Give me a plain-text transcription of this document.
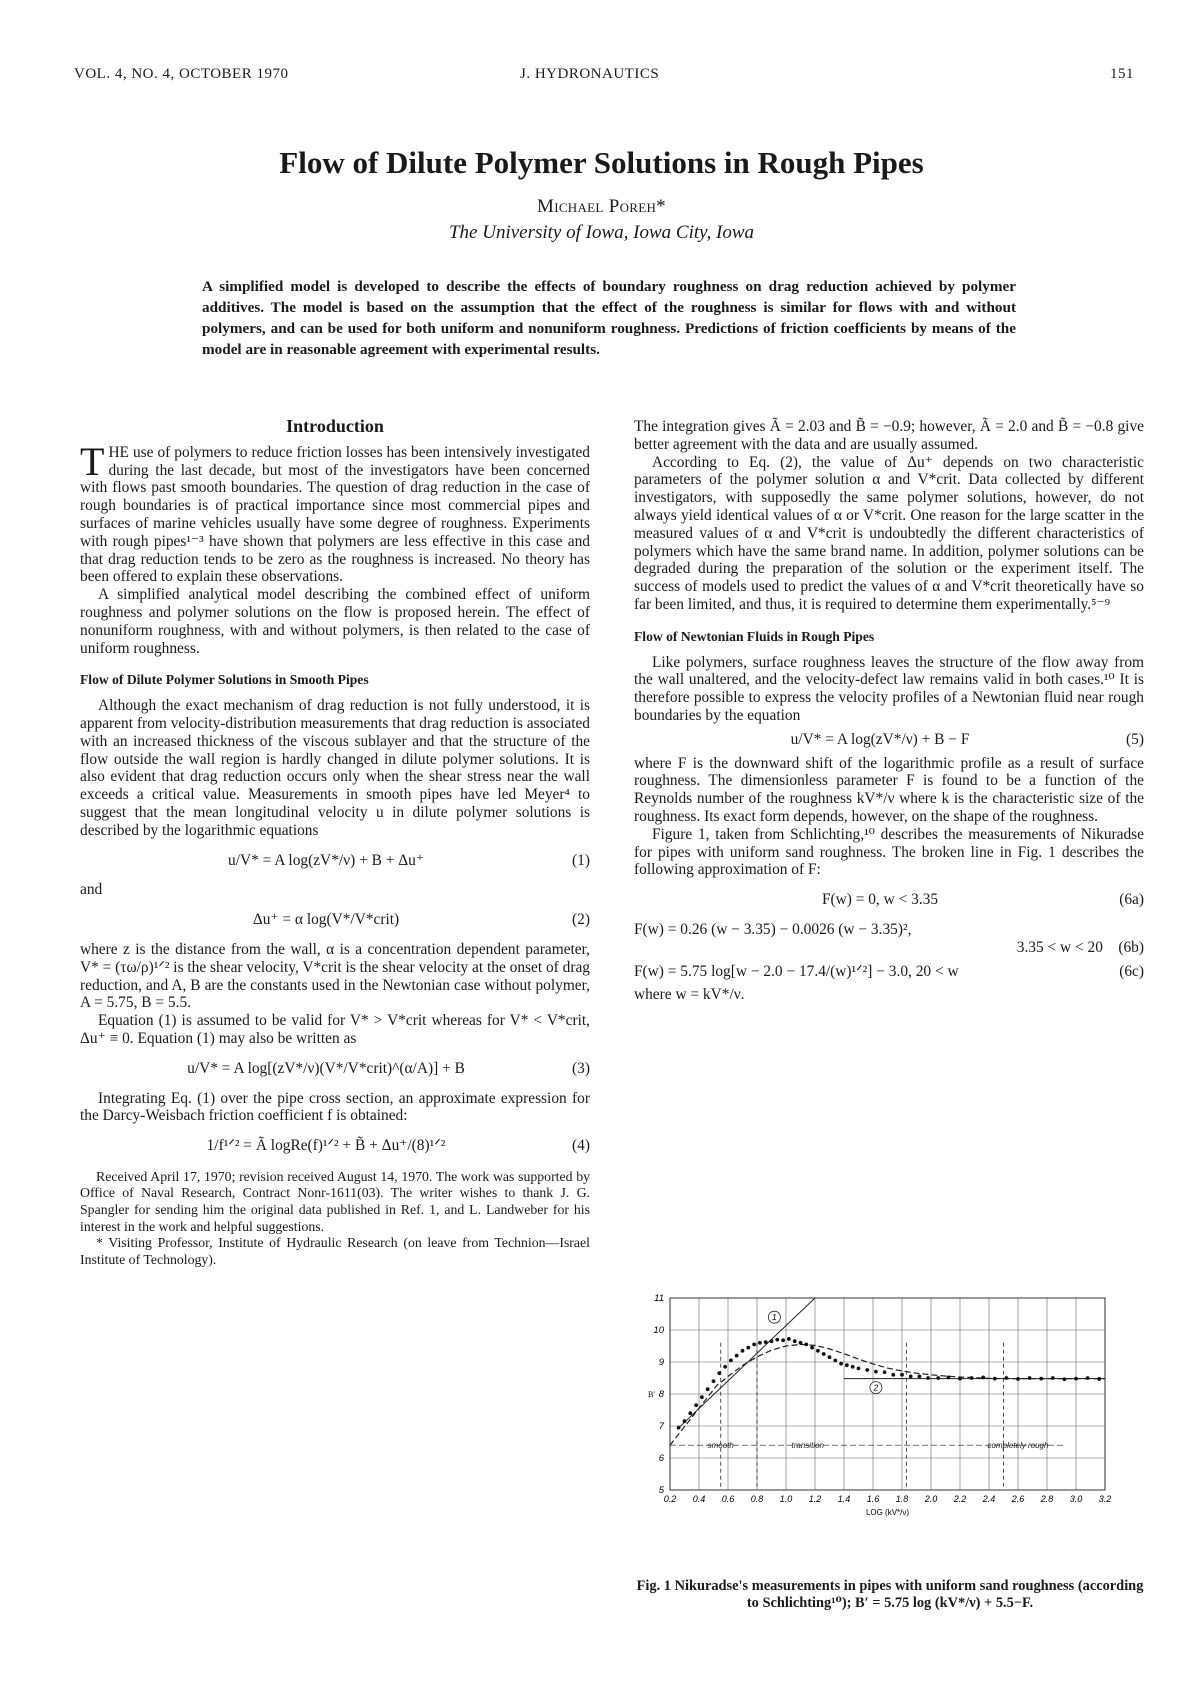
VOL. 4, NO. 4, OCTOBER 1970	J. HYDRONAUTICS	151
Flow of Dilute Polymer Solutions in Rough Pipes
Michael Poreh*
The University of Iowa, Iowa City, Iowa
A simplified model is developed to describe the effects of boundary roughness on drag reduction achieved by polymer additives. The model is based on the assumption that the effect of the roughness is similar for flows with and without polymers, and can be used for both uniform and nonuniform roughness. Predictions of friction coefficients by means of the model are in reasonable agreement with experimental results.
Introduction

THE use of polymers to reduce friction losses has been intensively investigated during the last decade, but most of the investigators have been concerned with flows past smooth boundaries. The question of drag reduction in the case of rough boundaries is of practical importance since most commercial pipes and surfaces of marine vehicles usually have some degree of roughness. Experiments with rough pipes¹⁻³ have shown that polymers are less effective in this case and that drag reduction tends to be zero as the roughness is increased. No theory has been offered to explain these observations.

A simplified analytical model describing the combined effect of uniform roughness and polymer solutions on the flow is proposed herein. The effect of nonuniform roughness, with and without polymers, is then related to the case of uniform roughness.

Flow of Dilute Polymer Solutions in Smooth Pipes

Although the exact mechanism of drag reduction is not fully understood, it is apparent from velocity-distribution measurements that drag reduction is associated with an increased thickness of the viscous sublayer and that the structure of the flow outside the wall region is hardly changed in dilute polymer solutions. It is also evident that drag reduction occurs only when the shear stress near the wall exceeds a critical value. Measurements in smooth pipes have led Meyer⁴ to suggest that the mean longitudinal velocity u in dilute polymer solutions is described by the logarithmic equations

u/V* = A log(zV*/ν) + B + Δu⁺	(1)

and

Δu⁺ = α log(V*/V*crit)	(2)

where z is the distance from the wall, α is a concentration dependent parameter, V* = (τω/ρ)¹ᐟ² is the shear velocity, V*crit is the shear velocity at the onset of drag reduction, and A, B are the constants used in the Newtonian case without polymer, A = 5.75, B = 5.5.

Equation (1) is assumed to be valid for V* > V*crit whereas for V* < V*crit, Δu⁺ ≡ 0. Equation (1) may also be written as

u/V* = A log[(zV*/ν)(V*/V*crit)^(α/A)] + B	(3)

Integrating Eq. (1) over the pipe cross section, an approximate expression for the Darcy-Weisbach friction coefficient f is obtained:

1/f¹ᐟ² = Ã logRe(f)¹ᐟ² + B̃ + Δu⁺/(8)¹ᐟ²	(4)

Received April 17, 1970; revision received August 14, 1970. The work was supported by Office of Naval Research, Contract Nonr-1611(03). The writer wishes to thank J. G. Spangler for sending him the original data published in Ref. 1, and L. Landweber for his interest in the work and helpful suggestions.

* Visiting Professor, Institute of Hydraulic Research (on leave from Technion—Israel Institute of Technology).

The integration gives Ã = 2.03 and B̃ = −0.9; however, Ã = 2.0 and B̃ = −0.8 give better agreement with the data and are usually assumed.

According to Eq. (2), the value of Δu⁺ depends on two characteristic parameters of the polymer solution α and V*crit. Data collected by different investigators, with supposedly the same polymer solutions, however, do not always yield identical values of α or V*crit. One reason for the large scatter in the measured values of α and V*crit is undoubtedly the different characteristics of polymers which have the same brand name. In addition, polymer solutions can be degraded during the preparation of the solution or the experiment itself. The success of models used to predict the values of α and V*crit theoretically have so far been limited, and thus, it is required to determine them experimentally.⁵⁻⁹

Flow of Newtonian Fluids in Rough Pipes

Like polymers, surface roughness leaves the structure of the flow away from the wall unaltered, and the velocity-defect law remains valid in both cases.¹⁰ It is therefore possible to express the velocity profiles of a Newtonian fluid near rough boundaries by the equation

u/V* = A log(zV*/ν) + B − F	(5)

where F is the downward shift of the logarithmic profile as a result of surface roughness. The dimensionless parameter F is found to be a function of the Reynolds number of the roughness kV*/ν where k is the characteristic size of the roughness. Its exact form depends, however, on the shape of the roughness.

Figure 1, taken from Schlichting,¹⁰ describes the measurements of Nikuradse for pipes with uniform sand roughness. The broken line in Fig. 1 describes the following approximation of F:

F(w) = 0, w < 3.35	(6a)
F(w) = 0.26 (w − 3.35) − 0.0026 (w − 3.35)²,
3.35 < w < 20 (6b)
F(w) = 5.75 log[w − 2.0 − 17.4/(w)¹ᐟ²] − 3.0, 20 < w	(6c)

where w = kV*/ν.

0.2 0.4 0.6 0.8 1.0 1.2 1.4 1.6 1.8 2.0 2.2 2.4 2.6 2.8 3.0 3.2
5
6
7
8
9
10
11
LOG (kV*/ν)
B′
smooth	transition	completely rough
1
2
Fig. 1 Nikuradse's measurements in pipes with uniform sand roughness (according to Schlichting¹⁰); B′ = 5.75 log (kV*/ν) + 5.5−F.
